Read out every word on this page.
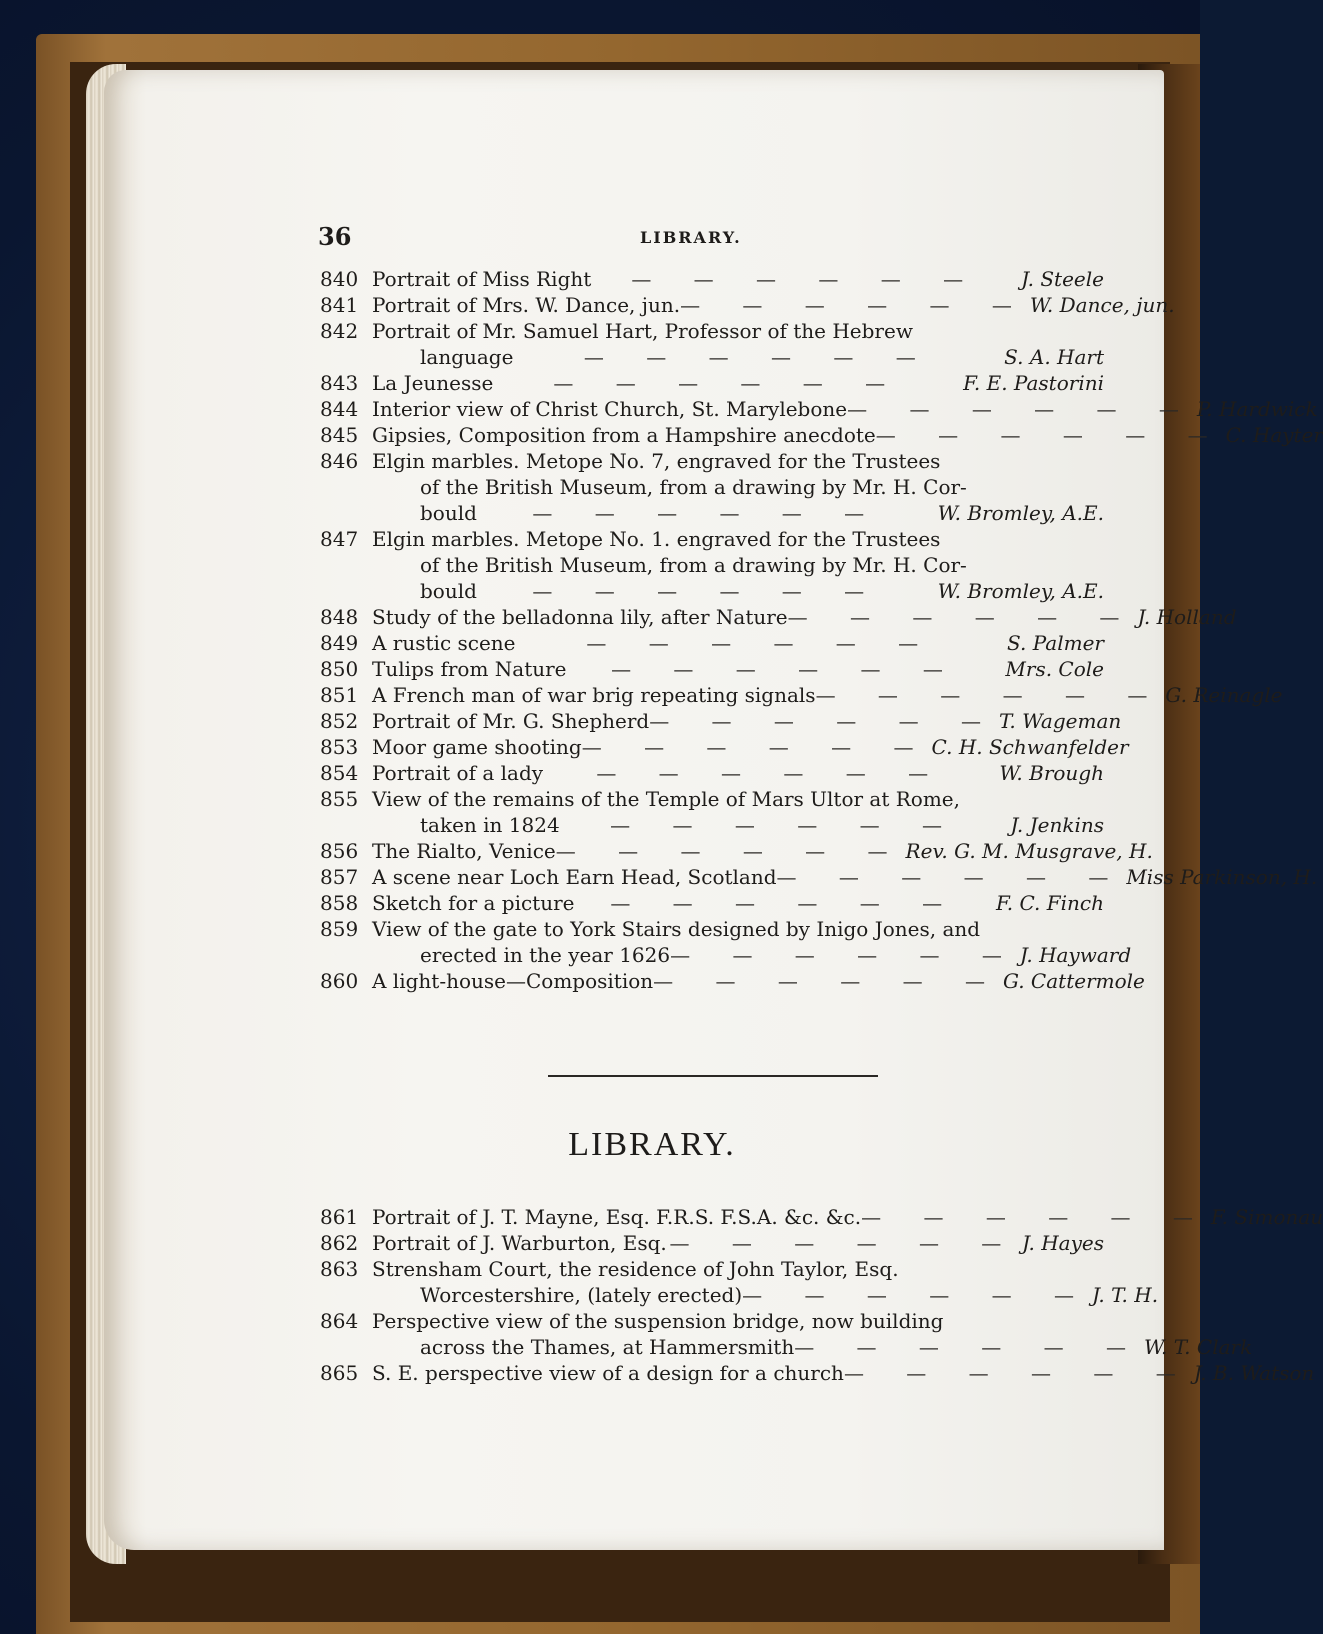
36	LIBRARY.
840 Portrait of Miss Right	— — — — — —	J. Steele
841 Portrait of Mrs. W. Dance, jun. — — — — — — W. Dance, jun.
842 Portrait of Mr. Samuel Hart, Professor of the Hebrew
language	— — — — — —	S. A. Hart
843 La Jeunesse	— — — — — —	F. E. Pastorini
844 Interior view of Christ Church, St. Marylebone — — — — — — P. Hardwick
845 Gipsies, Composition from a Hampshire anecdote — — — — — — C. Hayter
846 Elgin marbles. Metope No. 7, engraved for the Trustees
of the British Museum, from a drawing by Mr. H. Cor-
bould	— — — — — —	W. Bromley, A.E.
847 Elgin marbles. Metope No. 1. engraved for the Trustees
of the British Museum, from a drawing by Mr. H. Cor-
bould	— — — — — —	W. Bromley, A.E.
848 Study of the belladonna lily, after Nature — — — — — — J. Holland
849 A rustic scene	— — — — — —	S. Palmer
850 Tulips from Nature	— — — — — —	Mrs. Cole
851 A French man of war brig repeating signals — — — — — — G. Reinagle
852 Portrait of Mr. G. Shepherd — — — — — — T. Wageman
853 Moor game shooting — — — — — — C. H. Schwanfelder
854 Portrait of a lady	— — — — — —	W. Brough
855 View of the remains of the Temple of Mars Ultor at Rome,
taken in 1824	— — — — — —	J. Jenkins
856 The Rialto, Venice — — — — — — Rev. G. M. Musgrave, H.
857 A scene near Loch Earn Head, Scotland — — — — — — Miss Parkinson, H.
858 Sketch for a picture	— — — — — —	F. C. Finch
859 View of the gate to York Stairs designed by Inigo Jones, and
erected in the year 1626 — — — — — — J. Hayward
860 A light-house—Composition — — — — — — G. Cattermole
LIBRARY.
861 Portrait of J. T. Mayne, Esq. F.R.S. F.S.A. &c. &c. — — — — — — F. Simonau
862 Portrait of J. Warburton, Esq. — — — — — — J. Hayes
863 Strensham Court, the residence of John Taylor, Esq.
Worcestershire, (lately erected) — — — — — — J. T. H.
864 Perspective view of the suspension bridge, now building
across the Thames, at Hammersmith — — — — — — W. T. Clark
865 S. E. perspective view of a design for a church — — — — — — J. B. Watson
